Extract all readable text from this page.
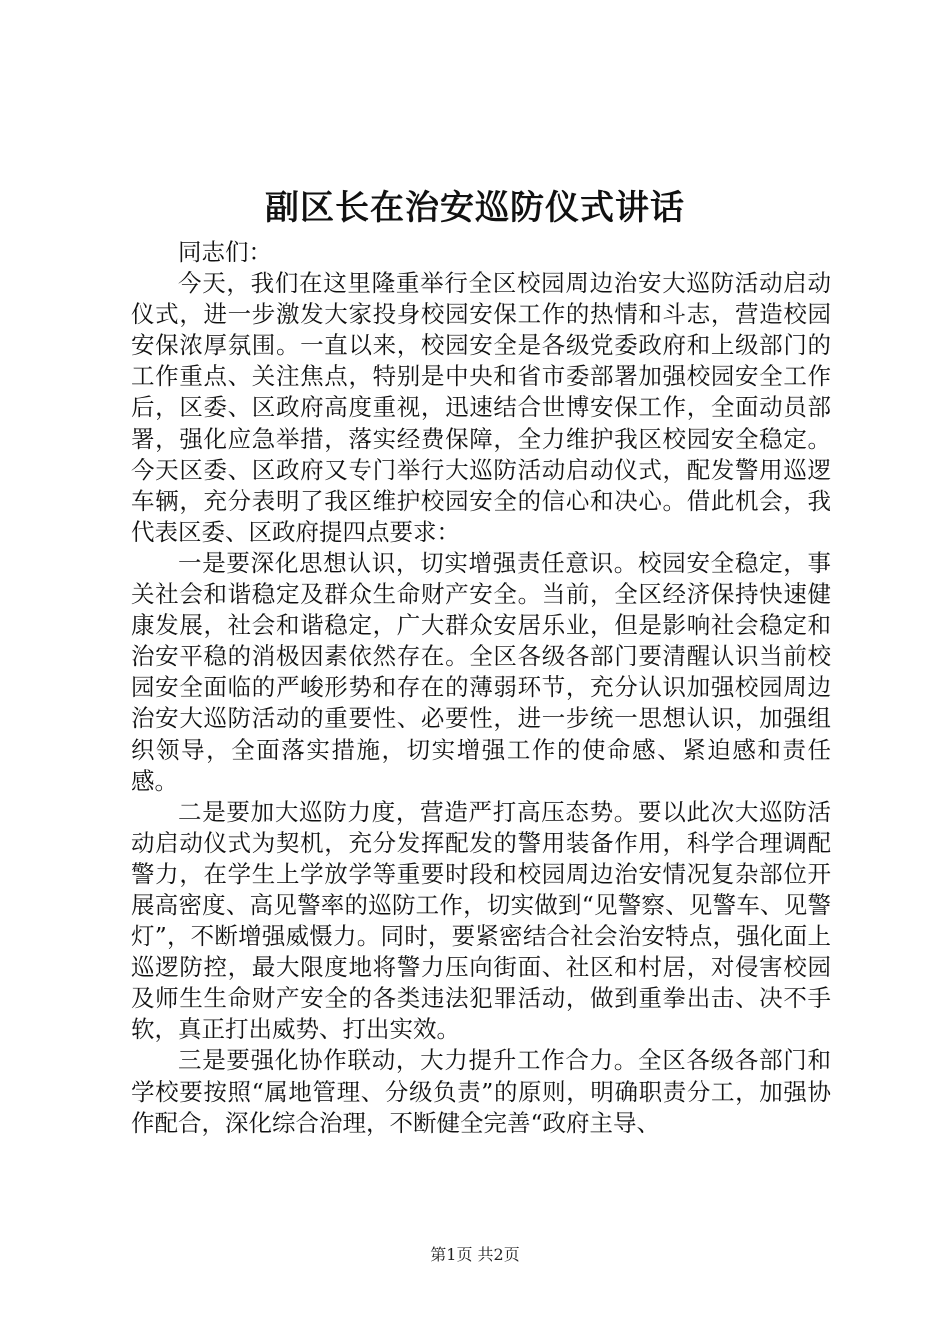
副区长在治安巡防仪式讲话

同志们：

今天，我们在这里隆重举行全区校园周边治安大巡防活动启动仪式，进一步激发大家投身校园安保工作的热情和斗志，营造校园安保浓厚氛围。一直以来，校园安全是各级党委政府和上级部门的工作重点、关注焦点，特别是中央和省市委部署加强校园安全工作后，区委、区政府高度重视，迅速结合世博安保工作，全面动员部署，强化应急举措，落实经费保障，全力维护我区校园安全稳定。今天区委、区政府又专门举行大巡防活动启动仪式，配发警用巡逻车辆，充分表明了我区维护校园安全的信心和决心。借此机会，我代表区委、区政府提四点要求：

一是要深化思想认识，切实增强责任意识。校园安全稳定，事关社会和谐稳定及群众生命财产安全。当前，全区经济保持快速健康发展，社会和谐稳定，广大群众安居乐业，但是影响社会稳定和治安平稳的消极因素依然存在。全区各级各部门要清醒认识当前校园安全面临的严峻形势和存在的薄弱环节，充分认识加强校园周边治安大巡防活动的重要性、必要性，进一步统一思想认识，加强组织领导，全面落实措施，切实增强工作的使命感、紧迫感和责任感。

二是要加大巡防力度，营造严打高压态势。要以此次大巡防活动启动仪式为契机，充分发挥配发的警用装备作用，科学合理调配警力，在学生上学放学等重要时段和校园周边治安情况复杂部位开展高密度、高见警率的巡防工作，切实做到“见警察、见警车、见警灯”，不断增强威慑力。同时，要紧密结合社会治安特点，强化面上巡逻防控，最大限度地将警力压向街面、社区和村居，对侵害校园及师生生命财产安全的各类违法犯罪活动，做到重拳出击、决不手软，真正打出威势、打出实效。

三是要强化协作联动，大力提升工作合力。全区各级各部门和学校要按照“属地管理、分级负责”的原则，明确职责分工，加强协作配合，深化综合治理，不断健全完善“政府主导、

第1页 共2页
